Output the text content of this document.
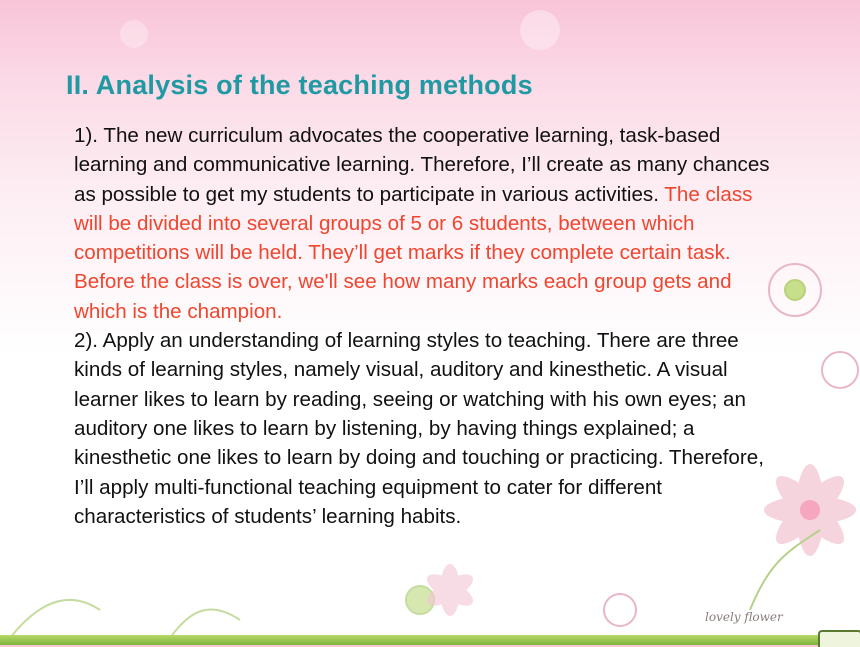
II. Analysis of the teaching methods

1). The new curriculum advocates the cooperative learning, task-based learning and communicative learning. Therefore, I’ll create as many chances as possible to get my students to participate in various activities. The class will be divided into several groups of 5 or 6 students, between which competitions will be held. They’ll get marks if they complete certain task. Before the class is over, we'll see how many marks each group gets and which is the champion.

2). Apply an understanding of learning styles to teaching. There are three kinds of learning styles, namely visual, auditory and kinesthetic. A visual learner likes to learn by reading, seeing or watching with his own eyes; an auditory one likes to learn by listening, by having things explained; a kinesthetic one likes to learn by doing and touching or practicing. Therefore, I’ll apply multi-functional teaching equipment to cater for different characteristics of students’ learning habits.

lovely flower
